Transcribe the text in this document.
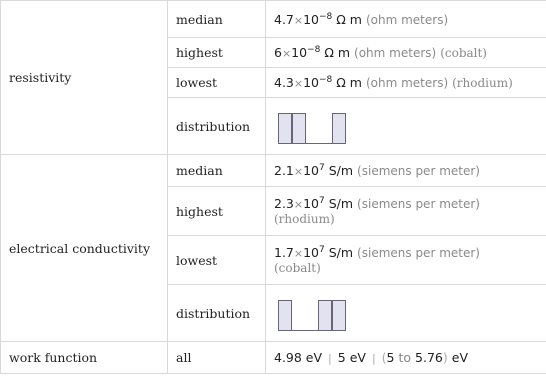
resistivity	median	$4.7\times 10^{-8}$ Ω m (ohm meters)
	highest	$6\times 10^{-8}$ Ω m (ohm meters) (cobalt)
	lowest	$4.3\times 10^{-8}$ Ω m (ohm meters) (rhodium)
	distribution	

electrical conductivity	median	$2.1\times 10^7$ S/m (siemens per meter)
	highest	$2.3\times 10^7$ S/m (siemens per meter)
(rhodium)
	lowest	$1.7\times 10^7$ S/m (siemens per meter)
(cobalt)
	distribution	

work function	all	4.98 eV | 5 eV | (5 to 5.76) eV
